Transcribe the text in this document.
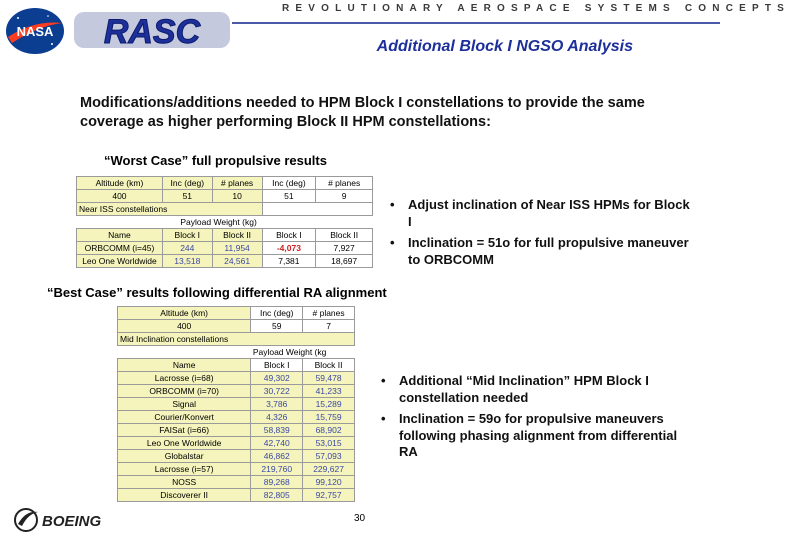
NASA RASC
REVOLUTIONARY AEROSPACE SYSTEMS CONCEPTS
Additional Block I NGSO Analysis
Modifications/additions needed to HPM Block I constellations to provide the same coverage as higher performing Block II HPM constellations:
“Worst Case” full propulsive results
Altitude (km)	Inc (deg)	# planes	Inc (deg)	# planes
400	51	10	51	9
Near ISS constellations				
	Payload Weight (kg)			
Name	Block I	Block II	Block I	Block II
ORBCOMM (i=45)	244	11,954	-4,073	7,927
Leo One Worldwide	13,518	24,561	7,381	18,697
•	Adjust inclination of Near ISS HPMs for Block I
•	Inclination = 51o for full propulsive maneuver to ORBCOMM
“Best Case” results following differential RA alignment
Altitude (km)	Inc (deg)	# planes
400	59	7
Mid Inclination constellations		
	Payload Weight (kg	
Name	Block I	Block II
Lacrosse (i=68)	49,302	59,478
ORBCOMM (i=70)	30,722	41,233
Signal	3,786	15,289
Courier/Konvert	4,326	15,759
FAISat (i=66)	58,839	68,902
Leo One Worldwide	42,740	53,015
Globalstar	46,862	57,093
Lacrosse (i=57)	219,760	229,627
NOSS	89,268	99,120
Discoverer II	82,805	92,757
•	Additional “Mid Inclination” HPM Block I constellation needed
•	Inclination = 59o for propulsive maneuvers following phasing alignment from differential RA
BOEING	30
